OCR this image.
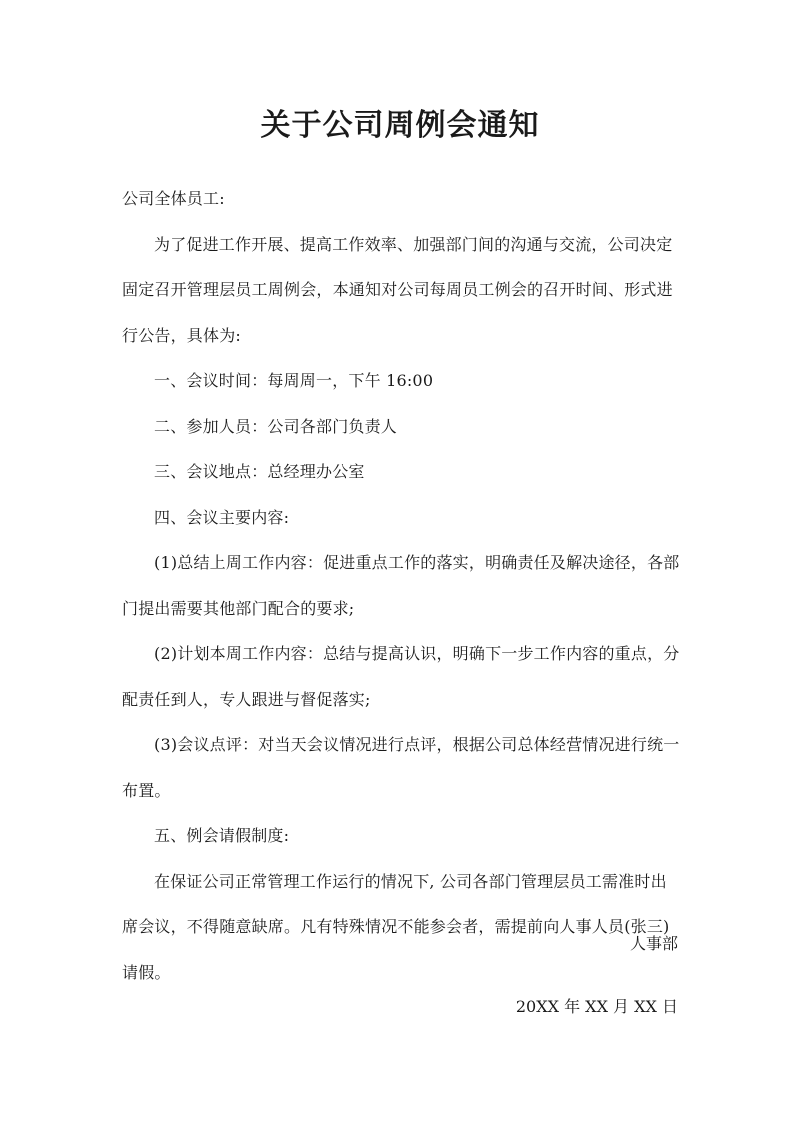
关于公司周例会通知

公司全体员工:

为了促进工作开展、提高工作效率、加强部门间的沟通与交流，公司决定固定召开管理层员工周例会，本通知对公司每周员工例会的召开时间、形式进行公告，具体为:

一、会议时间：每周周一，下午 16:00

二、参加人员：公司各部门负责人

三、会议地点：总经理办公室

四、会议主要内容:

(1)总结上周工作内容：促进重点工作的落实，明确责任及解决途径，各部门提出需要其他部门配合的要求;

(2)计划本周工作内容：总结与提高认识，明确下一步工作内容的重点，分配责任到人，专人跟进与督促落实;

(3)会议点评：对当天会议情况进行点评，根据公司总体经营情况进行统一布置。

五、例会请假制度:

在保证公司正常管理工作运行的情况下, 公司各部门管理层员工需准时出席会议，不得随意缺席。凡有特殊情况不能参会者，需提前向人事人员(张三)请假。

人事部
20XX 年 XX 月 XX 日
